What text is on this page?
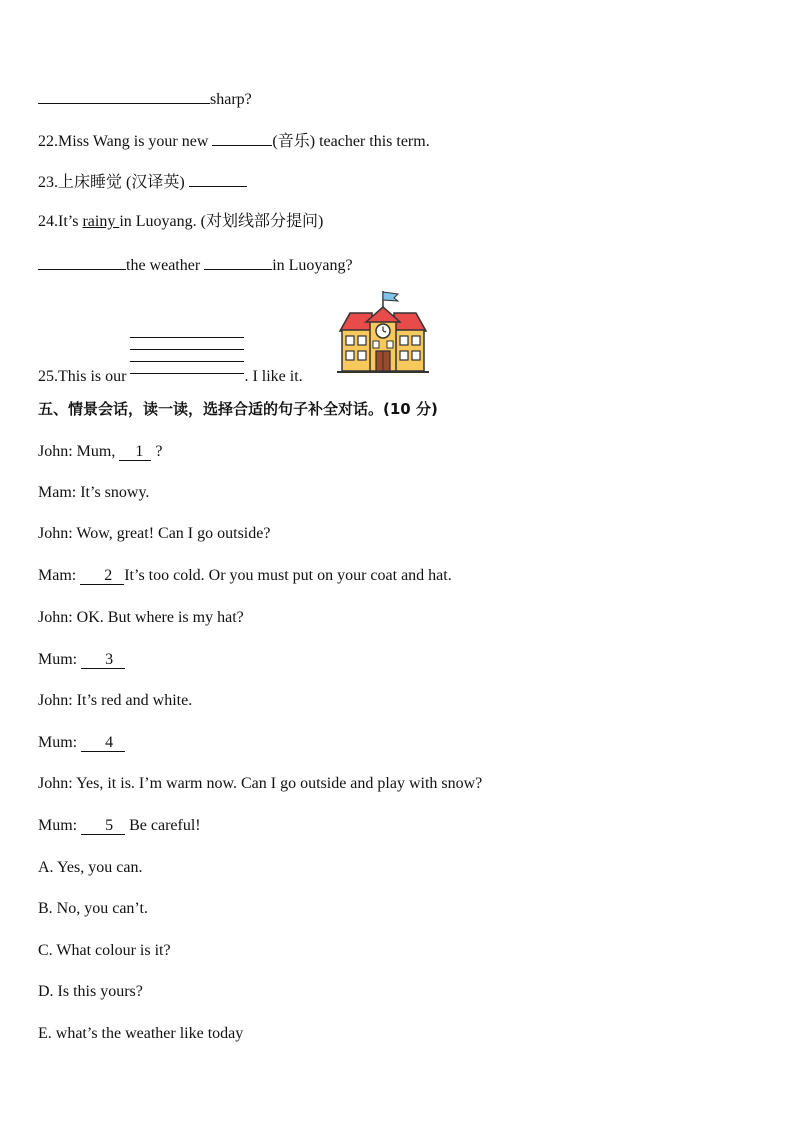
sharp?
22.Miss Wang is your new	(音乐) teacher this term.
23.上床睡觉 (汉译英)
24.It’s rainy in Luoyang. (对划线部分提问)
the weather	in Luoyang?
25.This is our	. I like it.
五、情景会话，读一读，选择合适的句子补全对话。(10 分)
John: Mum, 1 ?
Mam: It’s snowy.
John: Wow, great! Can I go outside?
Mam: 2 It’s too cold. Or you must put on your coat and hat.
John: OK. But where is my hat?
Mum: 3
John: It’s red and white.
Mum: 4
John: Yes, it is. I’m warm now. Can I go outside and play with snow?
Mum: 5 Be careful!
A. Yes, you can.
B. No, you can’t.
C. What colour is it?
D. Is this yours?
E. what’s the weather like today
